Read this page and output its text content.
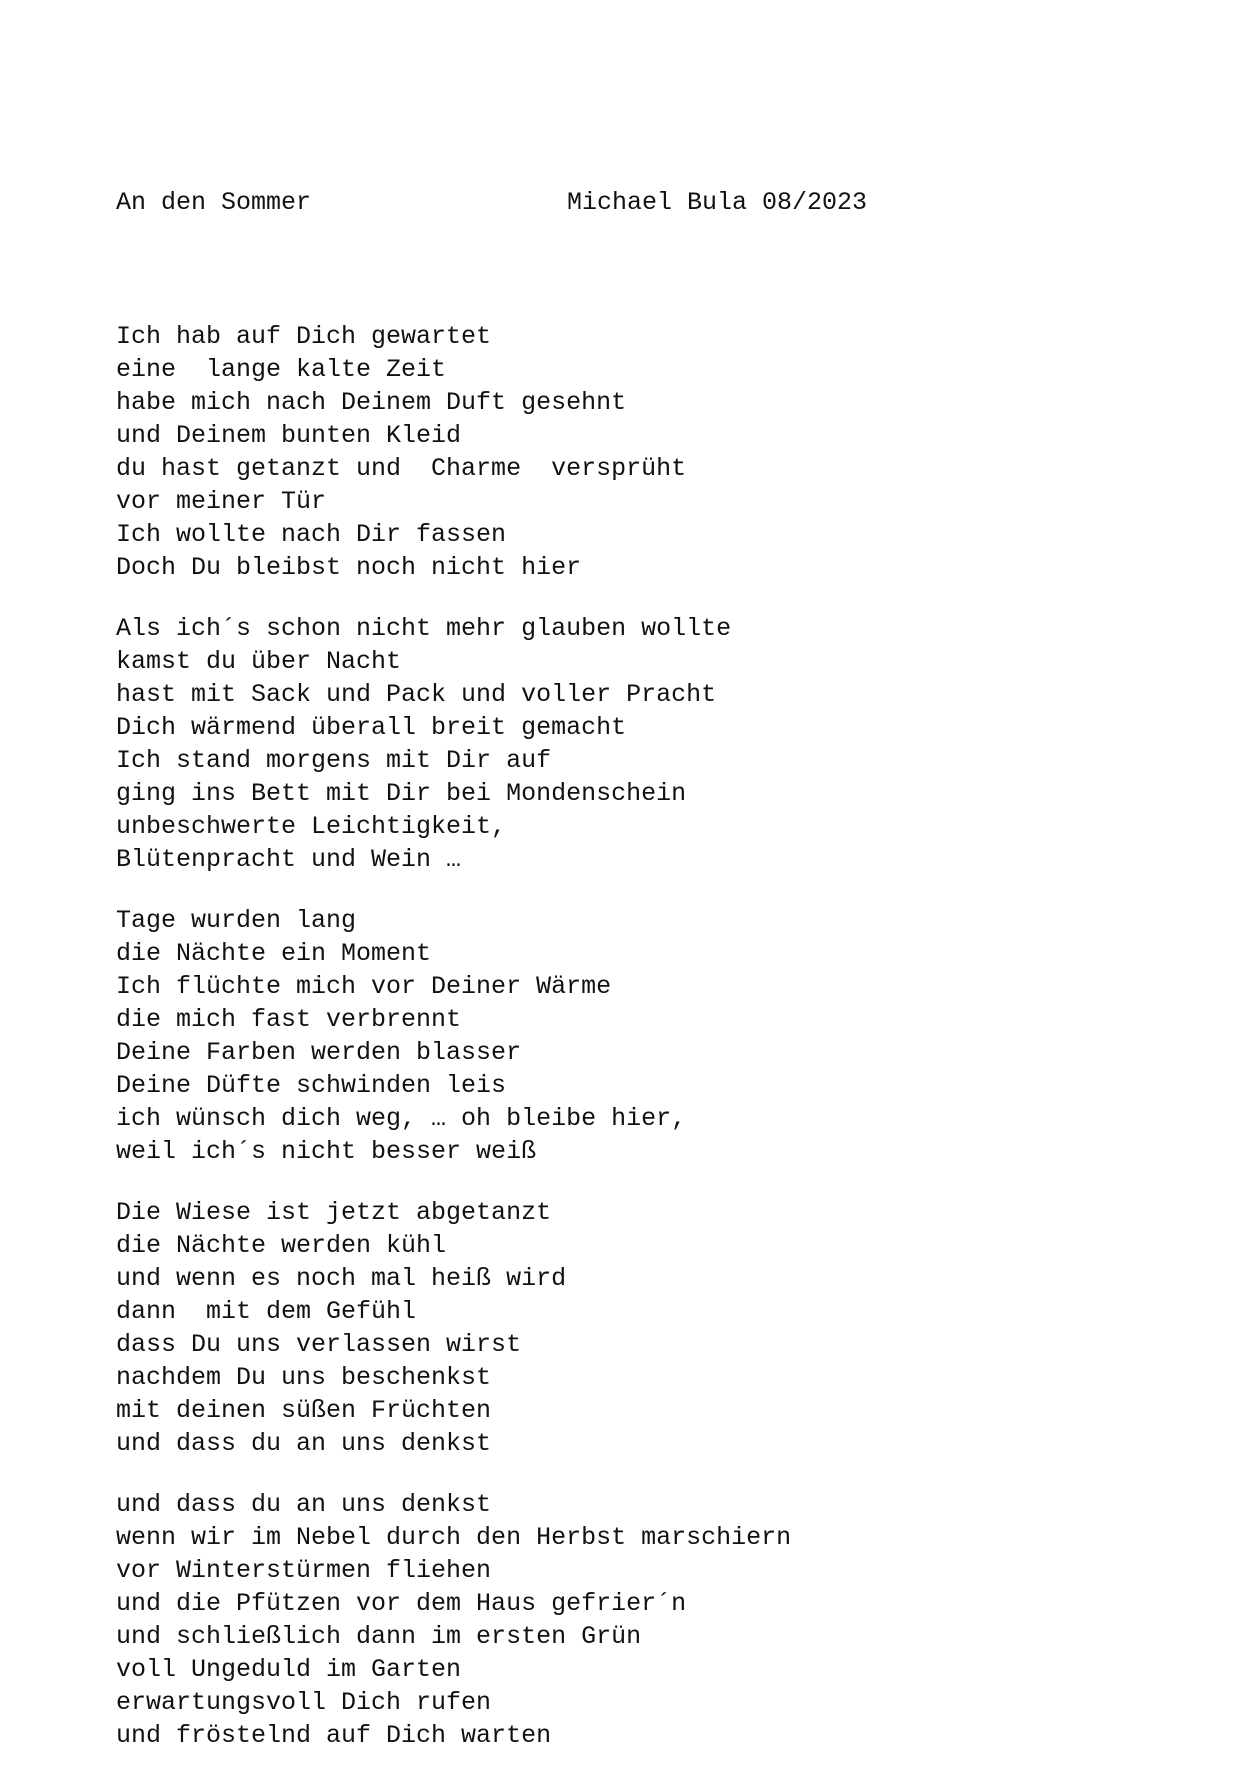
An den Sommer	Michael Bula 08/2023

Ich hab auf Dich gewartet
eine  lange kalte Zeit
habe mich nach Deinem Duft gesehnt
und Deinem bunten Kleid
du hast getanzt und  Charme  versprüht
vor meiner Tür
Ich wollte nach Dir fassen
Doch Du bleibst noch nicht hier
Als ich´s schon nicht mehr glauben wollte
kamst du über Nacht
hast mit Sack und Pack und voller Pracht
Dich wärmend überall breit gemacht
Ich stand morgens mit Dir auf
ging ins Bett mit Dir bei Mondenschein
unbeschwerte Leichtigkeit,
Blütenpracht und Wein …
Tage wurden lang
die Nächte ein Moment
Ich flüchte mich vor Deiner Wärme
die mich fast verbrennt
Deine Farben werden blasser
Deine Düfte schwinden leis
ich wünsch dich weg, … oh bleibe hier,
weil ich´s nicht besser weiß
Die Wiese ist jetzt abgetanzt
die Nächte werden kühl
und wenn es noch mal heiß wird
dann  mit dem Gefühl
dass Du uns verlassen wirst
nachdem Du uns beschenkst
mit deinen süßen Früchten
und dass du an uns denkst
und dass du an uns denkst
wenn wir im Nebel durch den Herbst marschiern
vor Winterstürmen fliehen
und die Pfützen vor dem Haus gefrier´n
und schließlich dann im ersten Grün
voll Ungeduld im Garten
erwartungsvoll Dich rufen
und fröstelnd auf Dich warten
